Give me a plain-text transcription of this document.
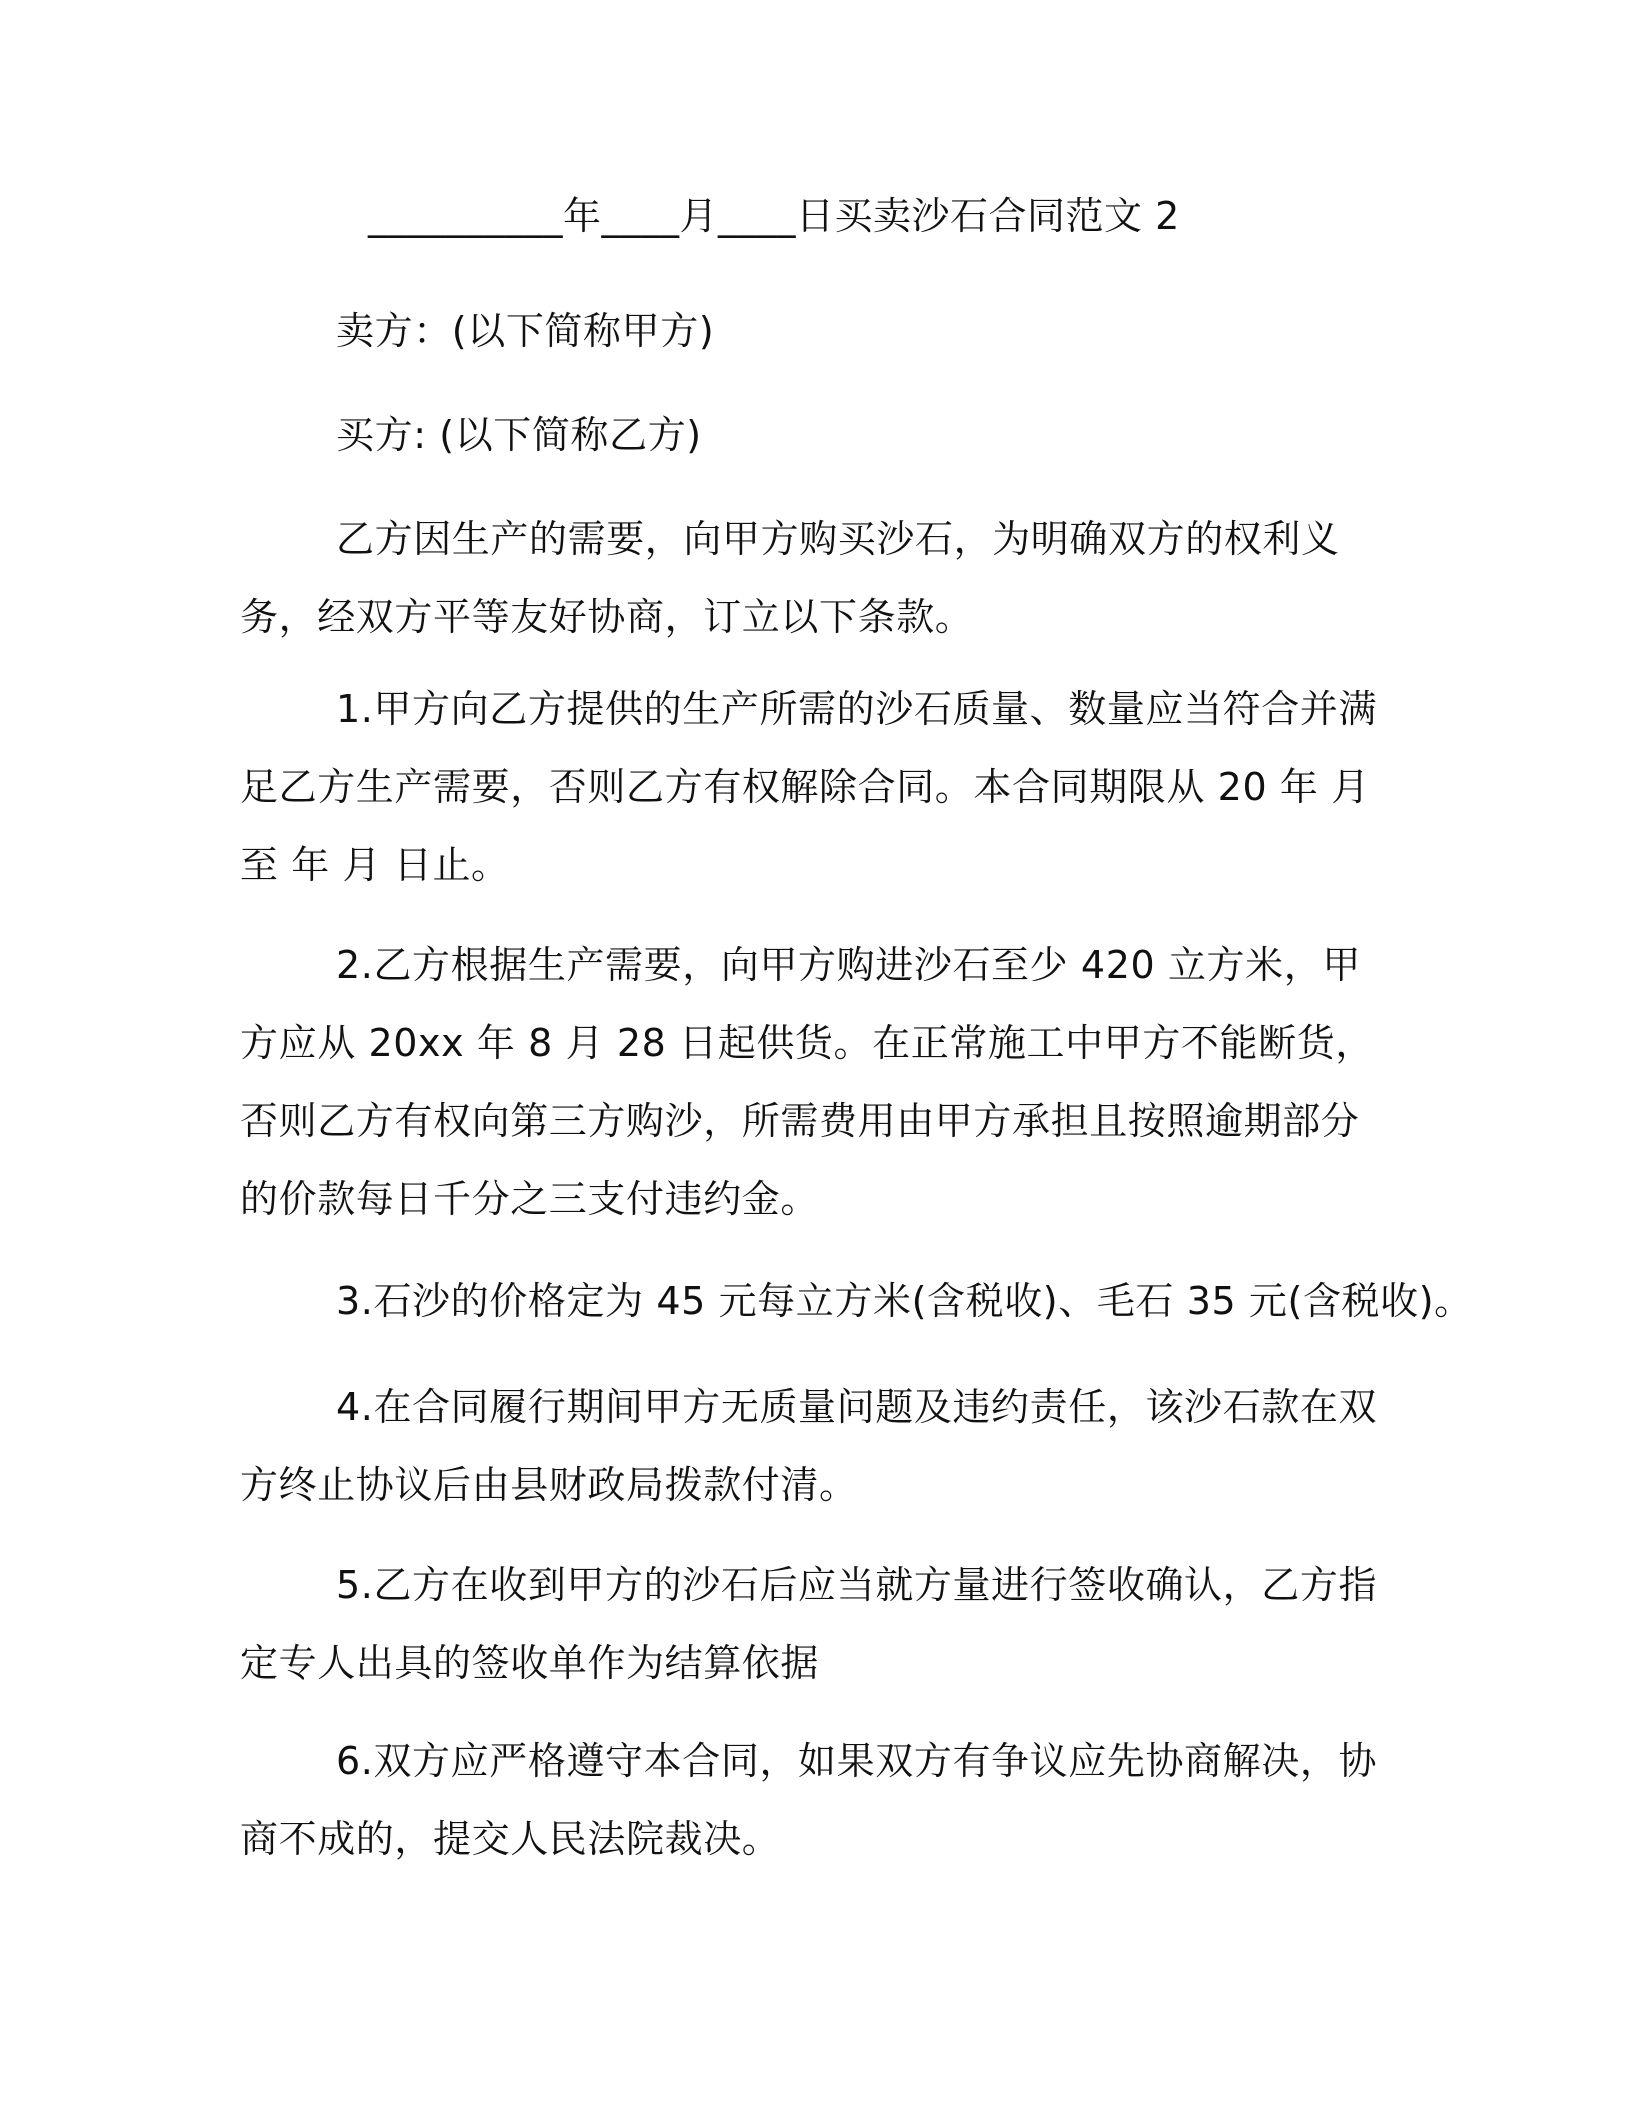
__________年____月____日买卖沙石合同范文 2
卖方：(以下简称甲方)
买方: (以下简称乙方)
乙方因生产的需要，向甲方购买沙石，为明确双方的权利义务，经双方平等友好协商，订立以下条款。
1.甲方向乙方提供的生产所需的沙石质量、数量应当符合并满足乙方生产需要，否则乙方有权解除合同。本合同期限从 20 年 月 至 年 月 日止。
2.乙方根据生产需要，向甲方购进沙石至少 420 立方米，甲方应从 20xx 年 8 月 28 日起供货。在正常施工中甲方不能断货，否则乙方有权向第三方购沙，所需费用由甲方承担且按照逾期部分的价款每日千分之三支付违约金。
3.石沙的价格定为 45 元每立方米(含税收)、毛石 35 元(含税收)。
4.在合同履行期间甲方无质量问题及违约责任，该沙石款在双方终止协议后由县财政局拨款付清。
5.乙方在收到甲方的沙石后应当就方量进行签收确认，乙方指定专人出具的签收单作为结算依据
6.双方应严格遵守本合同，如果双方有争议应先协商解决，协商不成的，提交人民法院裁决。
